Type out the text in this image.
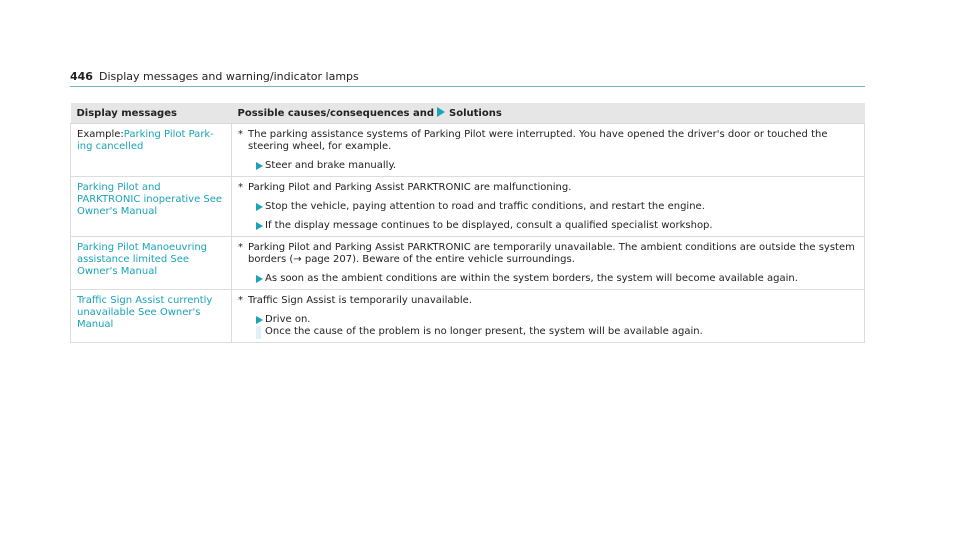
446 Display messages and warning/indicator lamps
Display messages	Possible causes/consequences and Solutions
Example:Parking Pilot Park-ing cancelled	* The parking assistance systems of Parking Pilot were interrupted. You have opened the driver's door or touched the steering wheel, for example.
Steer and brake manually.

Parking Pilot and PARKTRONIC inoperative See Owner's Manual	* Parking Pilot and Parking Assist PARKTRONIC are malfunctioning.
Stop the vehicle, paying attention to road and traffic conditions, and restart the engine.
If the display message continues to be displayed, consult a qualified specialist workshop.

Parking Pilot Manoeuvring assistance limited See Owner's Manual	* Parking Pilot and Parking Assist PARKTRONIC are temporarily unavailable. The ambient conditions are outside the system borders (→ page 207). Beware of the entire vehicle surroundings.
As soon as the ambient conditions are within the system borders, the system will become available again.

Traffic Sign Assist currently unavailable See Owner's Manual	* Traffic Sign Assist is temporarily unavailable.
Drive on.
Once the cause of the problem is no longer present, the system will be available again.
